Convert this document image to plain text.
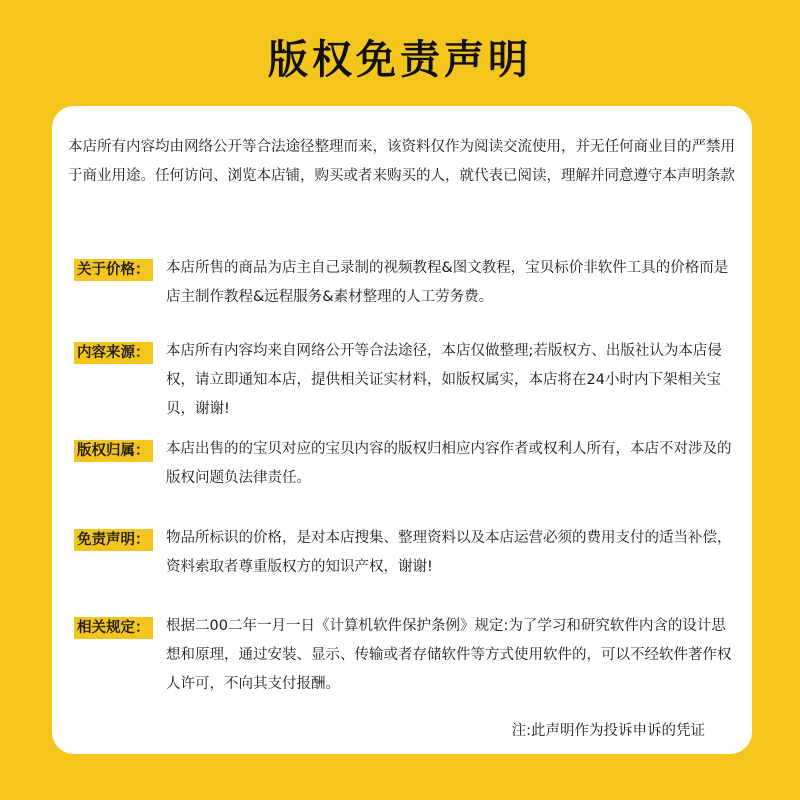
版权免责声明

本店所有内容均由网络公开等合法途径整理而来，该资料仅作为阅读交流使用，并无任何商业目的严禁用于商业用途。任何访问、浏览本店铺，购买或者来购买的人，就代表已阅读，理解并同意遵守本声明条款

关于价格： 本店所售的商品为店主自己录制的视频教程&图文教程，宝贝标价非软件工具的价格而是店主制作教程&远程服务&素材整理的人工劳务费。

内容来源： 本店所有内容均来自网络公开等合法途径，本店仅做整理;若版权方、出版社认为本店侵权，请立即通知本店，提供相关证实材料，如版权属实，本店将在24小时内下架相关宝贝，谢谢!

版权归属： 本店出售的的宝贝对应的宝贝内容的版权归相应内容作者或权利人所有，本店不对涉及的版权问题负法律责任。

免责声明： 物品所标识的价格，是对本店搜集、整理资料以及本店运营必须的费用支付的适当补偿，资料索取者尊重版权方的知识产权，谢谢!

相关规定： 根据二00二年一月一日《计算机软件保护条例》规定:为了学习和研究软件内含的设计思想和原理，通过安装、显示、传输或者存储软件等方式使用软件的，可以不经软件著作权人许可，不向其支付报酬。

注:此声明作为投诉申诉的凭证
